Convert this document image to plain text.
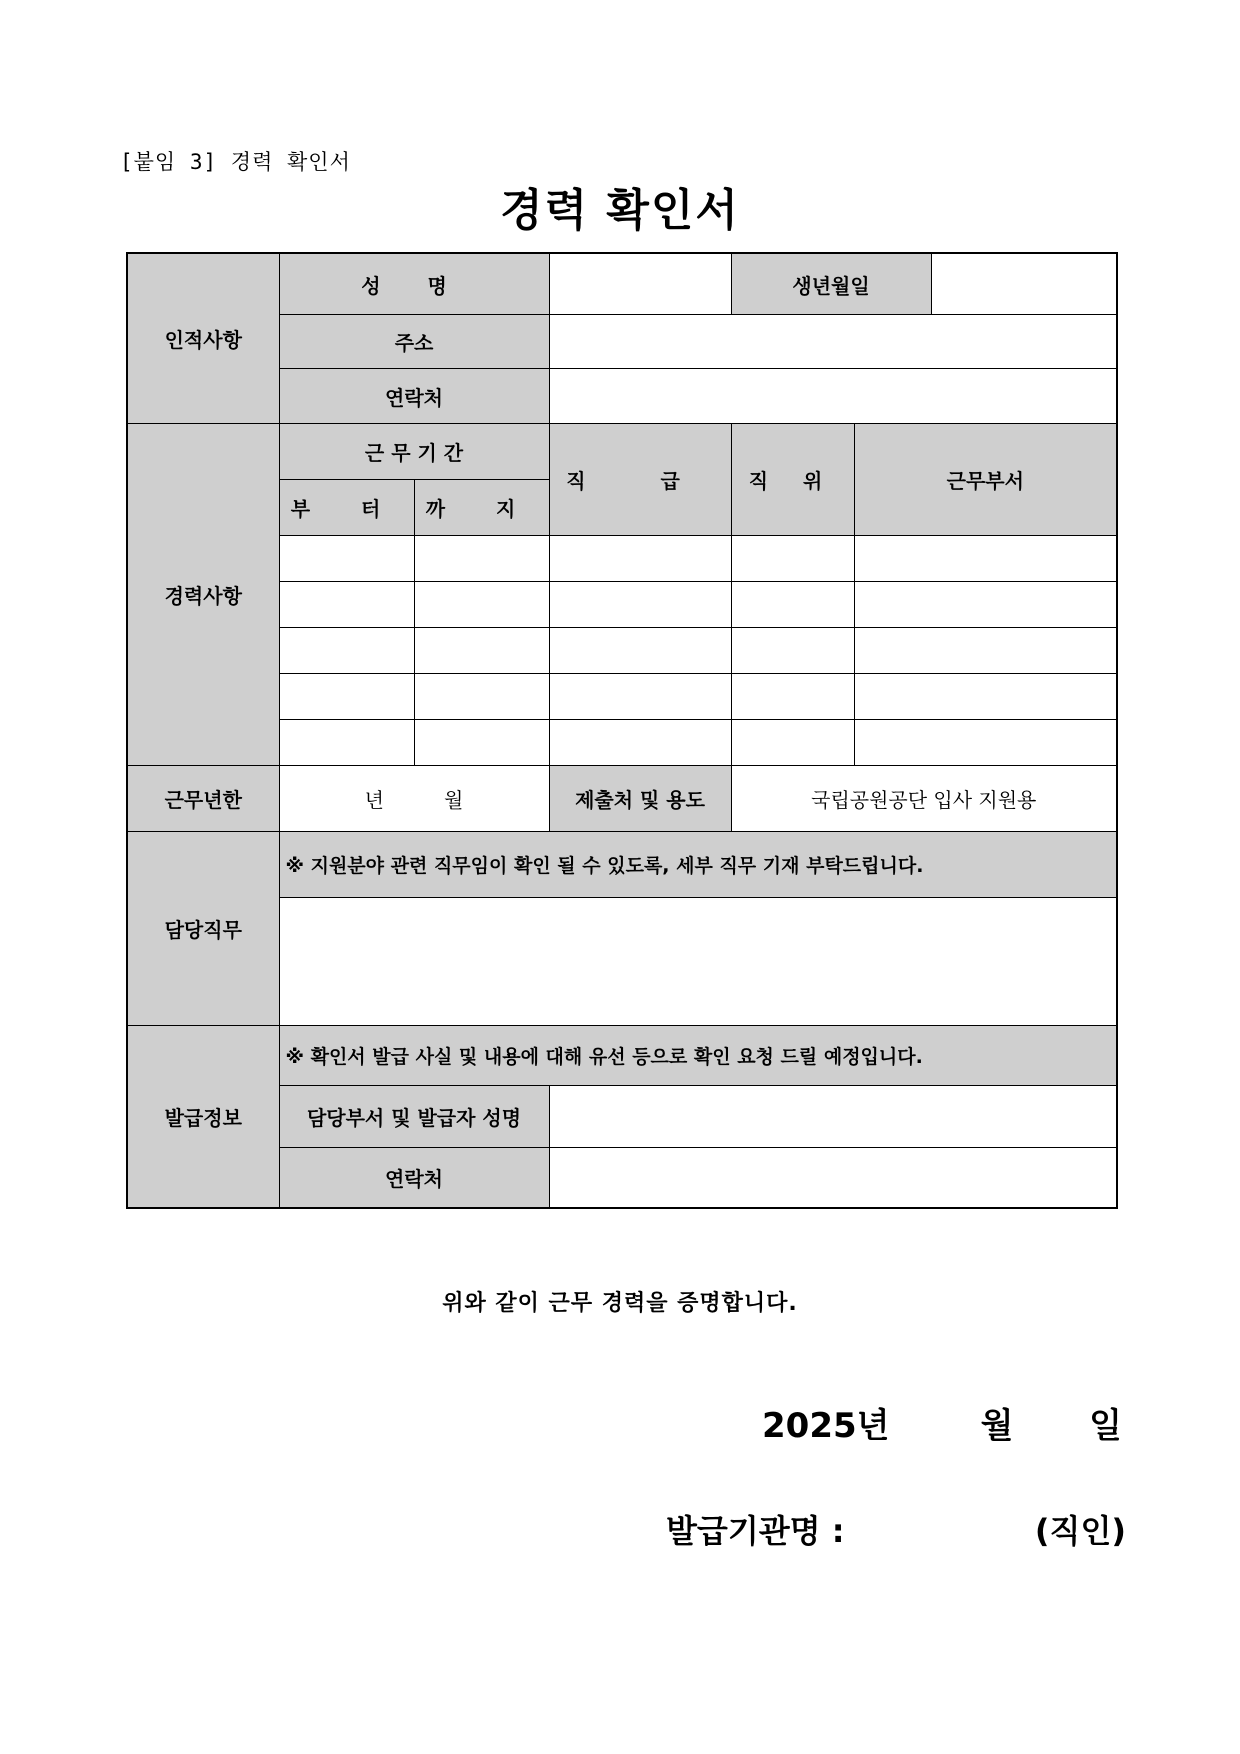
[붙임 3] 경력 확인서
경력 확인서
인적사항	성 명			생년월일	

	주소				
	연락처				
경력사항	근 무 기 간		직 급	직 위	근무부서
	부 터	까 지			

근무년한	년 월		제출처 및 용도	국립공원공단 입사 지원용	
담당직무	※ 지원분야 관련 직무임이 확인 될 수 있도록, 세부 직무 기재 부탁드립니다.				

발급정보	※ 확인서 발급 사실 및 내용에 대해 유선 등으로 확인 요청 드릴 예정입니다.				
	담당부서 및 발급자 성명				
	연락처				
위와 같이 근무 경력을 증명합니다.
2025년	월	일
발급기관명 :	(직인)
